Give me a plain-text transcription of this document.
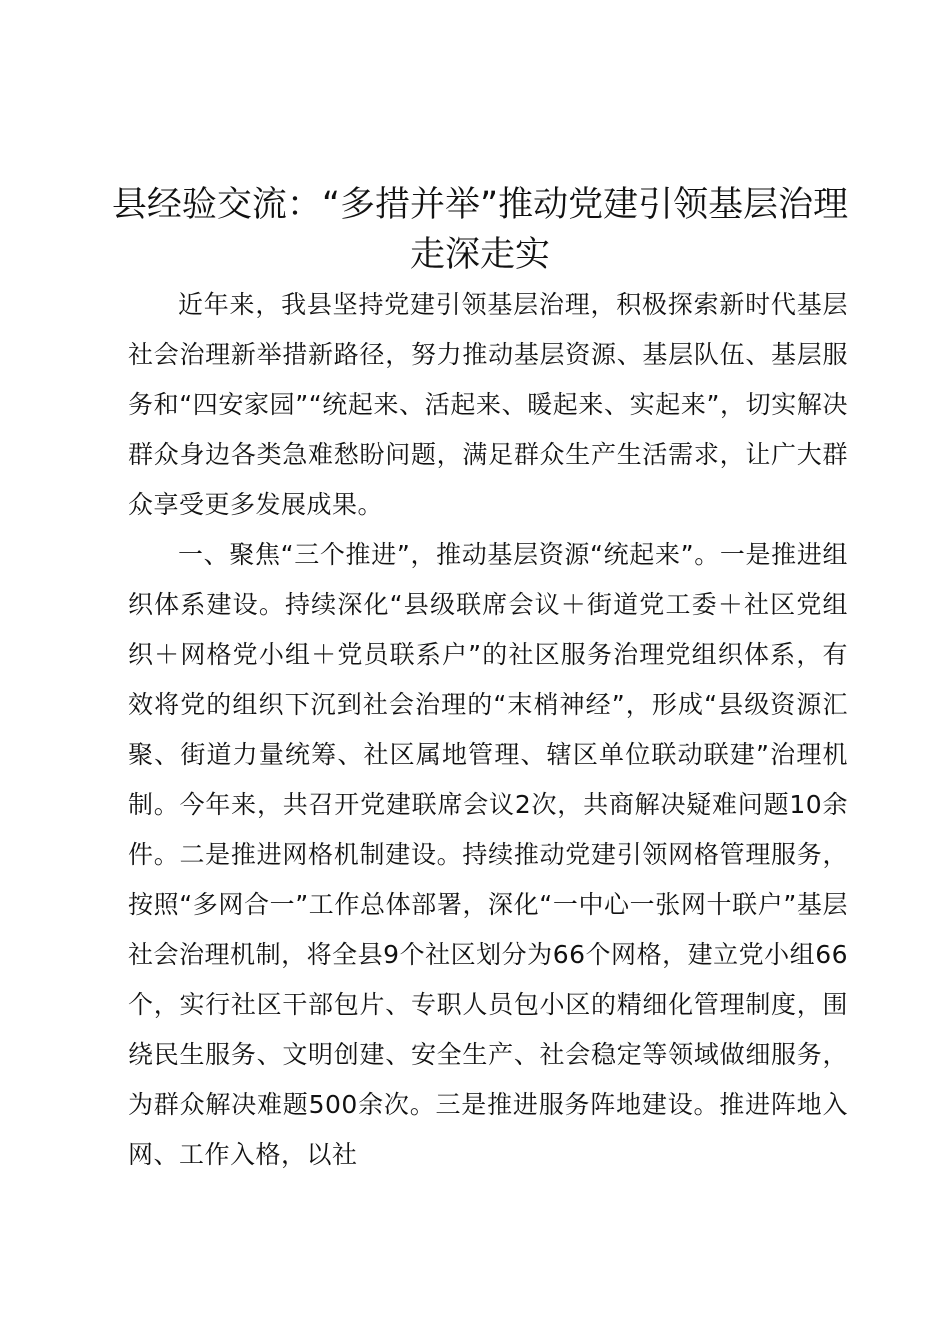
县经验交流：“多措并举”推动党建引领基层治理走深走实

近年来，我县坚持党建引领基层治理，积极探索新时代基层社会治理新举措新路径，努力推动基层资源、基层队伍、基层服务和“四安家园”“统起来、活起来、暖起来、实起来”，切实解决群众身边各类急难愁盼问题，满足群众生产生活需求，让广大群众享受更多发展成果。

一、聚焦“三个推进”，推动基层资源“统起来”。一是推进组织体系建设。持续深化“县级联席会议＋街道党工委＋社区党组织＋网格党小组＋党员联系户”的社区服务治理党组织体系，有效将党的组织下沉到社会治理的“末梢神经”，形成“县级资源汇聚、街道力量统筹、社区属地管理、辖区单位联动联建”治理机制。今年来，共召开党建联席会议2次，共商解决疑难问题10余件。二是推进网格机制建设。持续推动党建引领网格管理服务，按照“多网合一”工作总体部署，深化“一中心一张网十联户”基层社会治理机制，将全县9个社区划分为66个网格，建立党小组66个，实行社区干部包片、专职人员包小区的精细化管理制度，围绕民生服务、文明创建、安全生产、社会稳定等领域做细服务，为群众解决难题500余次。三是推进服务阵地建设。推进阵地入网、工作入格，以社
